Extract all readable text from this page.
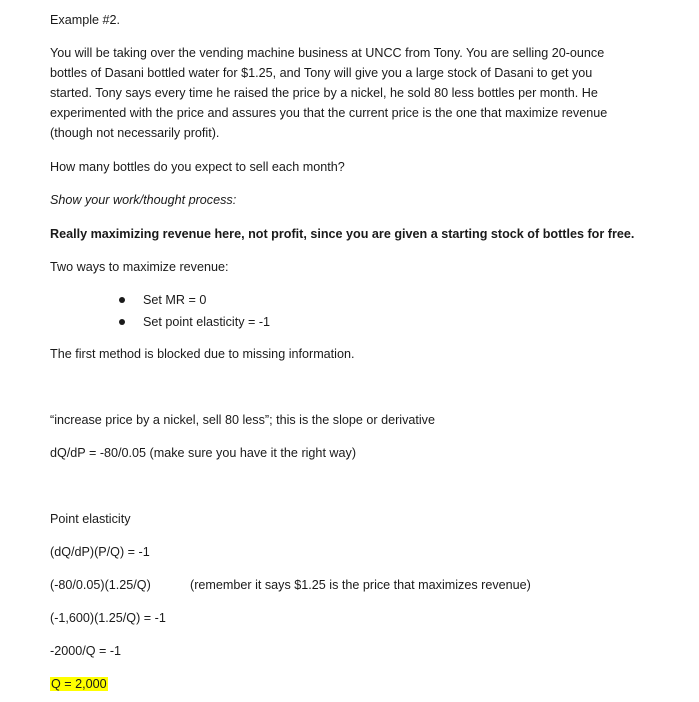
Example #2.
You will be taking over the vending machine business at UNCC from Tony. You are selling 20-ounce
bottles of Dasani bottled water for $1.25, and Tony will give you a large stock of Dasani to get you
started. Tony says every time he raised the price by a nickel, he sold 80 less bottles per month. He
experimented with the price and assures you that the current price is the one that maximize revenue
(though not necessarily profit).
How many bottles do you expect to sell each month?
Show your work/thought process:
Really maximizing revenue here, not profit, since you are given a starting stock of bottles for free.
Two ways to maximize revenue:
Set MR = 0
Set point elasticity = -1
The first method is blocked due to missing information.
“increase price by a nickel, sell 80 less”; this is the slope or derivative
dQ/dP = -80/0.05 (make sure you have it the right way)
Point elasticity
(dQ/dP)(P/Q) = -1
(-80/0.05)(1.25/Q)	(remember it says $1.25 is the price that maximizes revenue)
(-1,600)(1.25/Q) = -1
-2000/Q = -1
Q = 2,000
